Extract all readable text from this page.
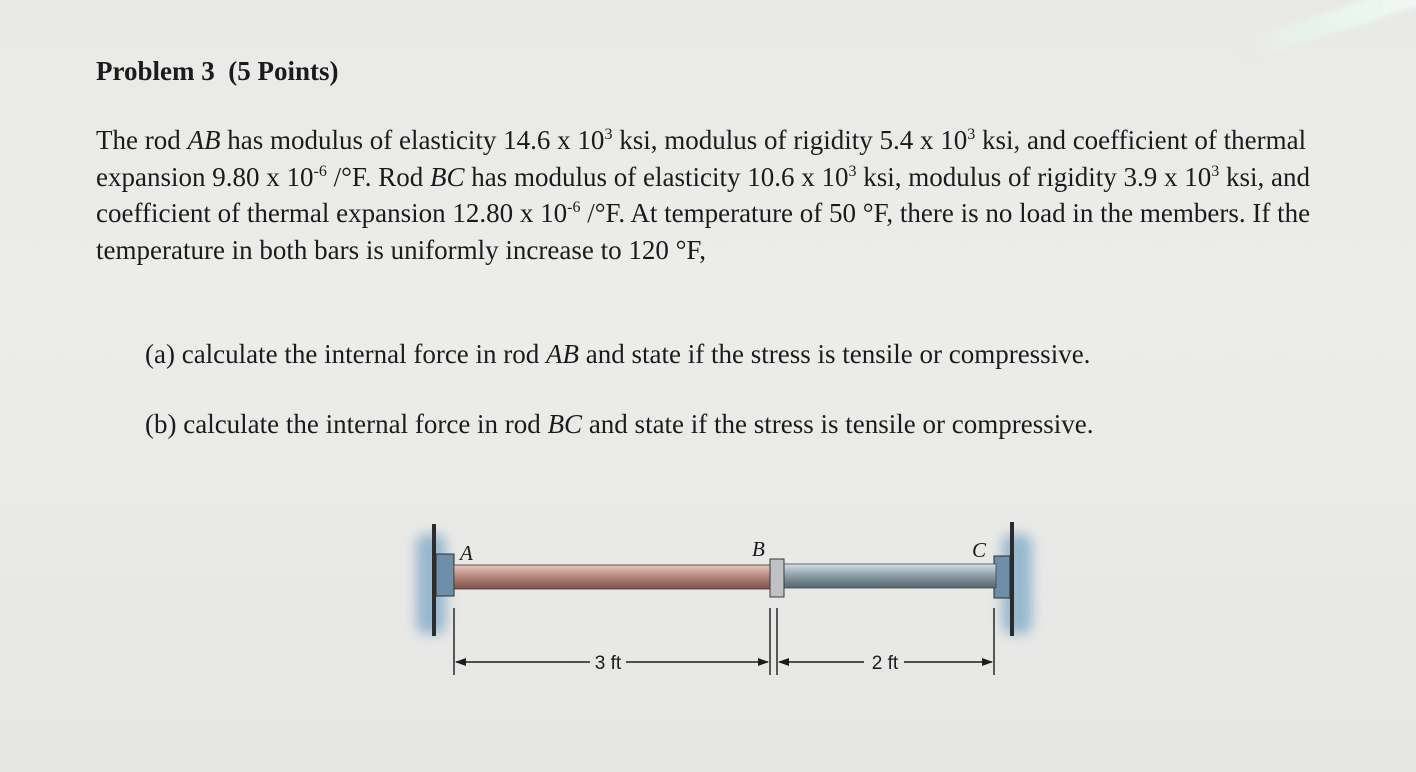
Problem 3  (5 Points)

The rod AB has modulus of elasticity 14.6 x $10^3$ ksi, modulus of rigidity 5.4 x $10^3$ ksi, and coefficient of thermal expansion 9.80 x $10^{-6}$ /°F. Rod BC has modulus of elasticity 10.6 x $10^3$ ksi, modulus of rigidity 3.9 x $10^3$ ksi, and coefficient of thermal expansion 12.80 x $10^{-6}$ /°F. At temperature of 50 °F, there is no load in the members. If the temperature in both bars is uniformly increase to 120 °F,

(a) calculate the internal force in rod AB and state if the stress is tensile or compressive.

(b) calculate the internal force in rod BC and state if the stress is tensile or compressive.

A	B	C
3 ft	2 ft
